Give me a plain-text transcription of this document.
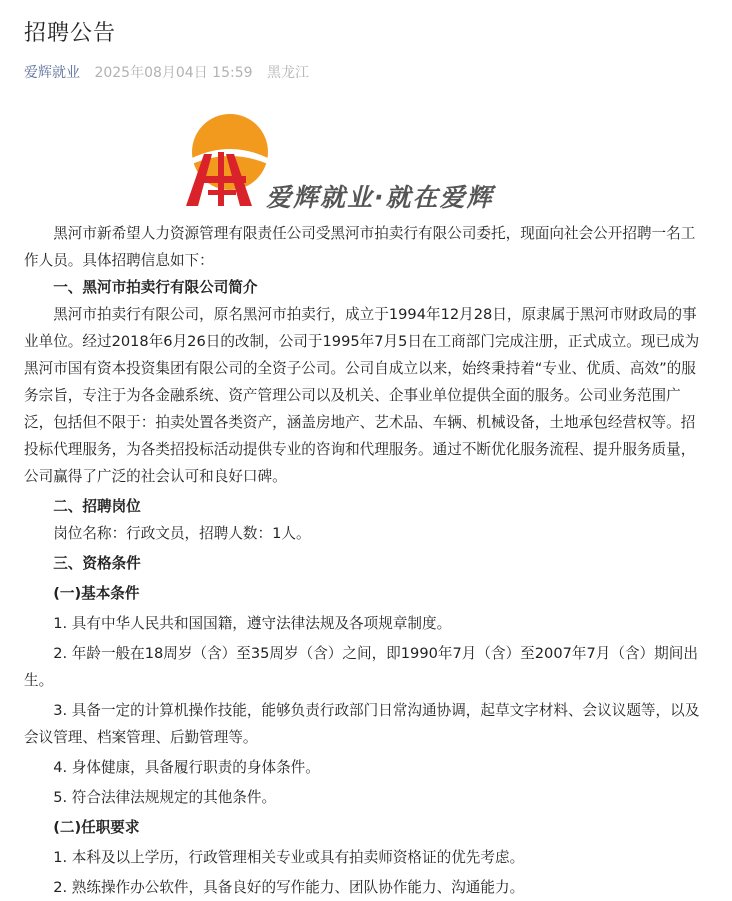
招聘公告
爱辉就业 2025年08月04日 15:59 黑龙江
爱辉就业·就在爱辉

黑河市新希望人力资源管理有限责任公司受黑河市拍卖行有限公司委托，现面向社会公开招聘一名工作人员。具体招聘信息如下：

一、黑河市拍卖行有限公司简介

黑河市拍卖行有限公司，原名黑河市拍卖行，成立于1994年12月28日，原隶属于黑河市财政局的事业单位。经过2018年6月26日的改制，公司于1995年7月5日在工商部门完成注册，正式成立。现已成为黑河市国有资本投资集团有限公司的全资子公司。公司自成立以来，始终秉持着“专业、优质、高效”的服务宗旨，专注于为各金融系统、资产管理公司以及机关、企事业单位提供全面的服务。公司业务范围广泛，包括但不限于：拍卖处置各类资产，涵盖房地产、艺术品、车辆、机械设备，土地承包经营权等。招投标代理服务，为各类招投标活动提供专业的咨询和代理服务。通过不断优化服务流程、提升服务质量，公司赢得了广泛的社会认可和良好口碑。

二、招聘岗位

岗位名称：行政文员，招聘人数：1人。

三、资格条件

(一)基本条件

1. 具有中华人民共和国国籍，遵守法律法规及各项规章制度。

2. 年龄一般在18周岁（含）至35周岁（含）之间，即1990年7月（含）至2007年7月（含）期间出生。

3. 具备一定的计算机操作技能，能够负责行政部门日常沟通协调，起草文字材料、会议议题等，以及会议管理、档案管理、后勤管理等。

4. 身体健康，具备履行职责的身体条件。

5. 符合法律法规规定的其他条件。

(二)任职要求

1. 本科及以上学历，行政管理相关专业或具有拍卖师资格证的优先考虑。

2. 熟练操作办公软件，具备良好的写作能力、团队协作能力、沟通能力。
